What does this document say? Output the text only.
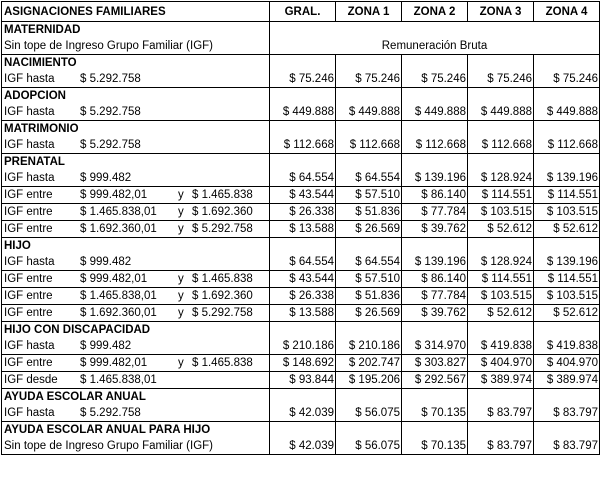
ASIGNACIONES FAMILIARES	GRAL.	ZONA 1	ZONA 2	ZONA 3	ZONA 4
MATERNIDAD					
Sin tope de Ingreso Grupo Familiar (IGF)	Remuneración Bruta				
NACIMIENTO					

IGF hasta $ 5.292.758	$ 75.246	$ 75.246	$ 75.246	$ 75.246	$ 75.246
ADOPCION					

IGF hasta $ 5.292.758	$ 449.888	$ 449.888	$ 449.888	$ 449.888	$ 449.888
MATRIMONIO					

IGF hasta $ 5.292.758	$ 112.668	$ 112.668	$ 112.668	$ 112.668	$ 112.668
PRENATAL					

IGF hasta $ 999.482	$ 64.554	$ 64.554	$ 139.196	$ 128.924	$ 139.196

IGF entre $ 999.482,01 y $ 1.465.838	$ 43.544	$ 57.510	$ 86.140	$ 114.551	$ 114.551

IGF entre $ 1.465.838,01 y $ 1.692.360	$ 26.338	$ 51.836	$ 77.784	$ 103.515	$ 103.515

IGF entre $ 1.692.360,01 y $ 5.292.758	$ 13.588	$ 26.569	$ 39.762	$ 52.612	$ 52.612
HIJO					

IGF hasta $ 999.482	$ 64.554	$ 64.554	$ 139.196	$ 128.924	$ 139.196

IGF entre $ 999.482,01 y $ 1.465.838	$ 43.544	$ 57.510	$ 86.140	$ 114.551	$ 114.551

IGF entre $ 1.465.838,01 y $ 1.692.360	$ 26.338	$ 51.836	$ 77.784	$ 103.515	$ 103.515

IGF entre $ 1.692.360,01 y $ 5.292.758	$ 13.588	$ 26.569	$ 39.762	$ 52.612	$ 52.612
HIJO CON DISCAPACIDAD					

IGF hasta $ 999.482	$ 210.186	$ 210.186	$ 314.970	$ 419.838	$ 419.838

IGF entre $ 999.482,01 y $ 1.465.838	$ 148.692	$ 202.747	$ 303.827	$ 404.970	$ 404.970

IGF desde $ 1.465.838,01	$ 93.844	$ 195.206	$ 292.567	$ 389.974	$ 389.974
AYUDA ESCOLAR ANUAL					

IGF hasta $ 5.292.758	$ 42.039	$ 56.075	$ 70.135	$ 83.797	$ 83.797
AYUDA ESCOLAR ANUAL PARA HIJO					
Sin tope de Ingreso Grupo Familiar (IGF)	$ 42.039	$ 56.075	$ 70.135	$ 83.797	$ 83.797
